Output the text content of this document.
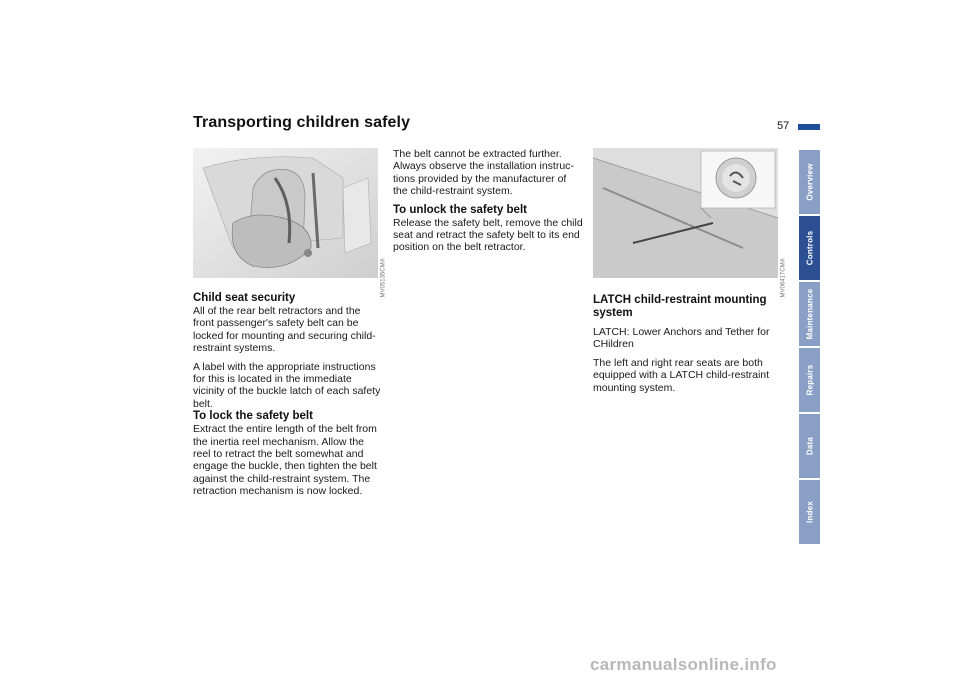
Transporting children safely	57
MV05135CMA
Child seat security

All of the rear belt retractors and the front passenger's safety belt can be locked for mounting and securing child-restraint systems.

A label with the appropriate instructions for this is located in the immediate vicinity of the buckle latch of each safety belt.

To lock the safety belt

Extract the entire length of the belt from the inertia reel mechanism. Allow the reel to retract the belt somewhat and engage the buckle, then tighten the belt against the child-restraint system. The retraction mechanism is now locked.

The belt cannot be extracted further. Always observe the installation instruc-tions provided by the manufacturer of the child-restraint system.

To unlock the safety belt

Release the safety belt, remove the child seat and retract the safety belt to its end position on the belt retractor.

MV06417CMA
LATCH child-restraint mounting system

LATCH: Lower Anchors and Tether for CHildren

The left and right rear seats are both equipped with a LATCH child-restraint mounting system.

Overview
Controls
Maintenance
Repairs
Data
Index
carmanualsonline.info
